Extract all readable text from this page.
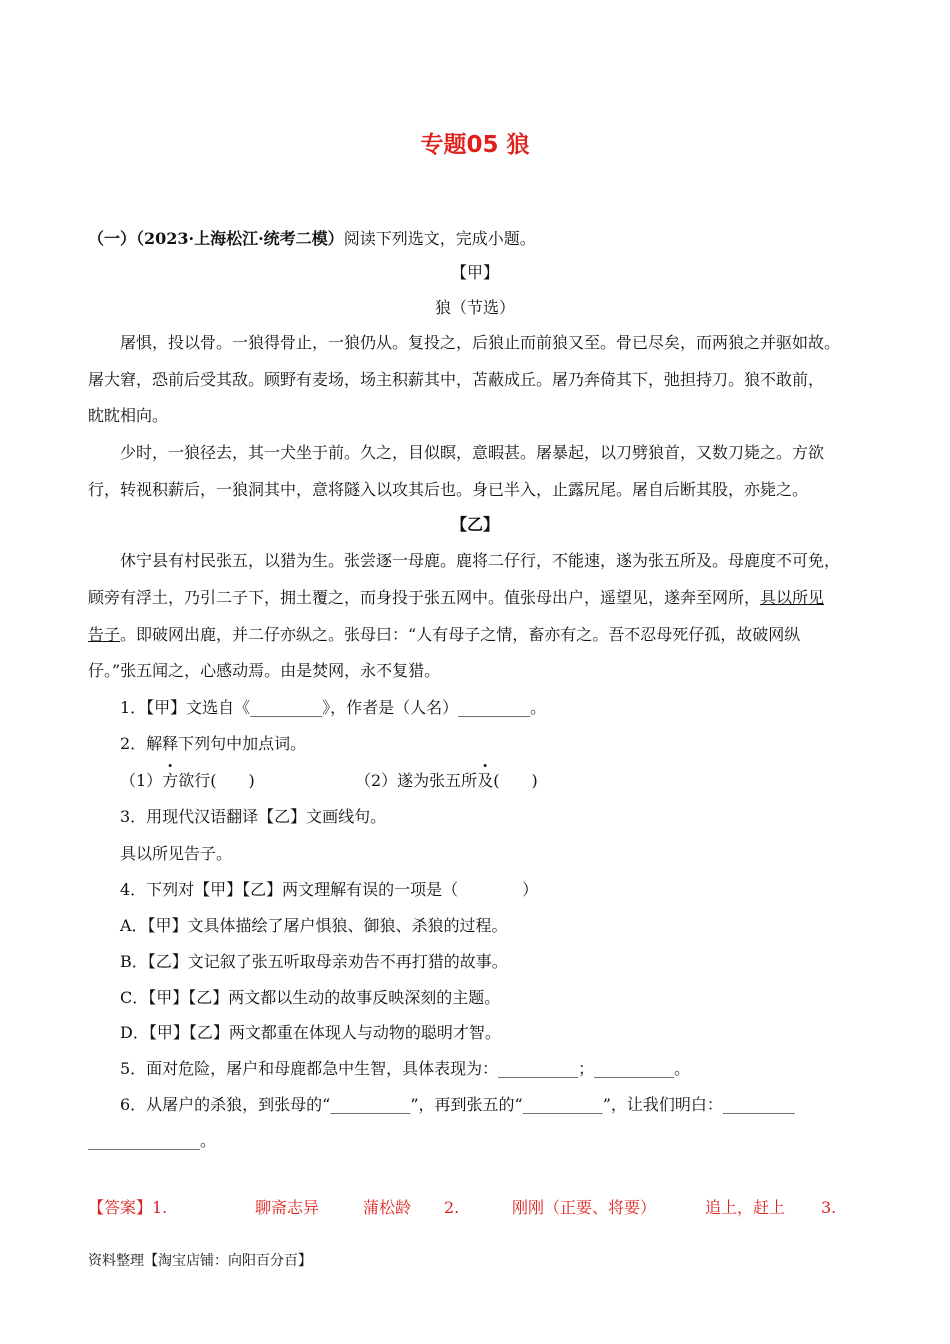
专题05 狼
（一）（2023·上海松江·统考二模）阅读下列选文，完成小题。
【甲】
狼（节选）
屠惧，投以骨。一狼得骨止，一狼仍从。复投之，后狼止而前狼又至。骨已尽矣，而两狼之并驱如故。
屠大窘，恐前后受其敌。顾野有麦场，场主积薪其中，苫蔽成丘。屠乃奔倚其下，弛担持刀。狼不敢前，
眈眈相向。
少时，一狼径去，其一犬坐于前。久之，目似瞑，意暇甚。屠暴起，以刀劈狼首，又数刀毙之。方欲
行，转视积薪后，一狼洞其中，意将隧入以攻其后也。身已半入，止露尻尾。屠自后断其股，亦毙之。
【乙】
休宁县有村民张五，以猎为生。张尝逐一母鹿。鹿将二仔行，不能速，遂为张五所及。母鹿度不可免，
顾旁有浮土，乃引二子下，拥土覆之，而身投于张五网中。值张母出户，遥望见，遂奔至网所，具以所见
告子。即破网出鹿，并二仔亦纵之。张母曰：“人有母子之情，畜亦有之。吾不忍母死仔孤，故破网纵
仔。”张五闻之，心感动焉。由是焚网，永不复猎。
1．【甲】文选自《_________》，作者是（人名）_________。
2．解释下列句中加点词。
（1）方欲行(　　)	（2）遂为张五所及(　　)
3．用现代汉语翻译【乙】文画线句。
具以所见告子。
4．下列对【甲】【乙】两文理解有误的一项是（　　　　）
A．【甲】文具体描绘了屠户惧狼、御狼、杀狼的过程。
B．【乙】文记叙了张五听取母亲劝告不再打猎的故事。
C．【甲】【乙】两文都以生动的故事反映深刻的主题。
D．【甲】【乙】两文都重在体现人与动物的聪明才智。
5．面对危险，屠户和母鹿都急中生智，具体表现为：__________；__________。
6．从屠户的杀狼，到张母的“__________”，再到张五的“__________”，让我们明白：_________
______________。
【答案】1.	聊斋志异	蒲松龄 2.	刚刚（正要、将要）	追上，赶上 3.
资料整理【淘宝店铺：向阳百分百】
